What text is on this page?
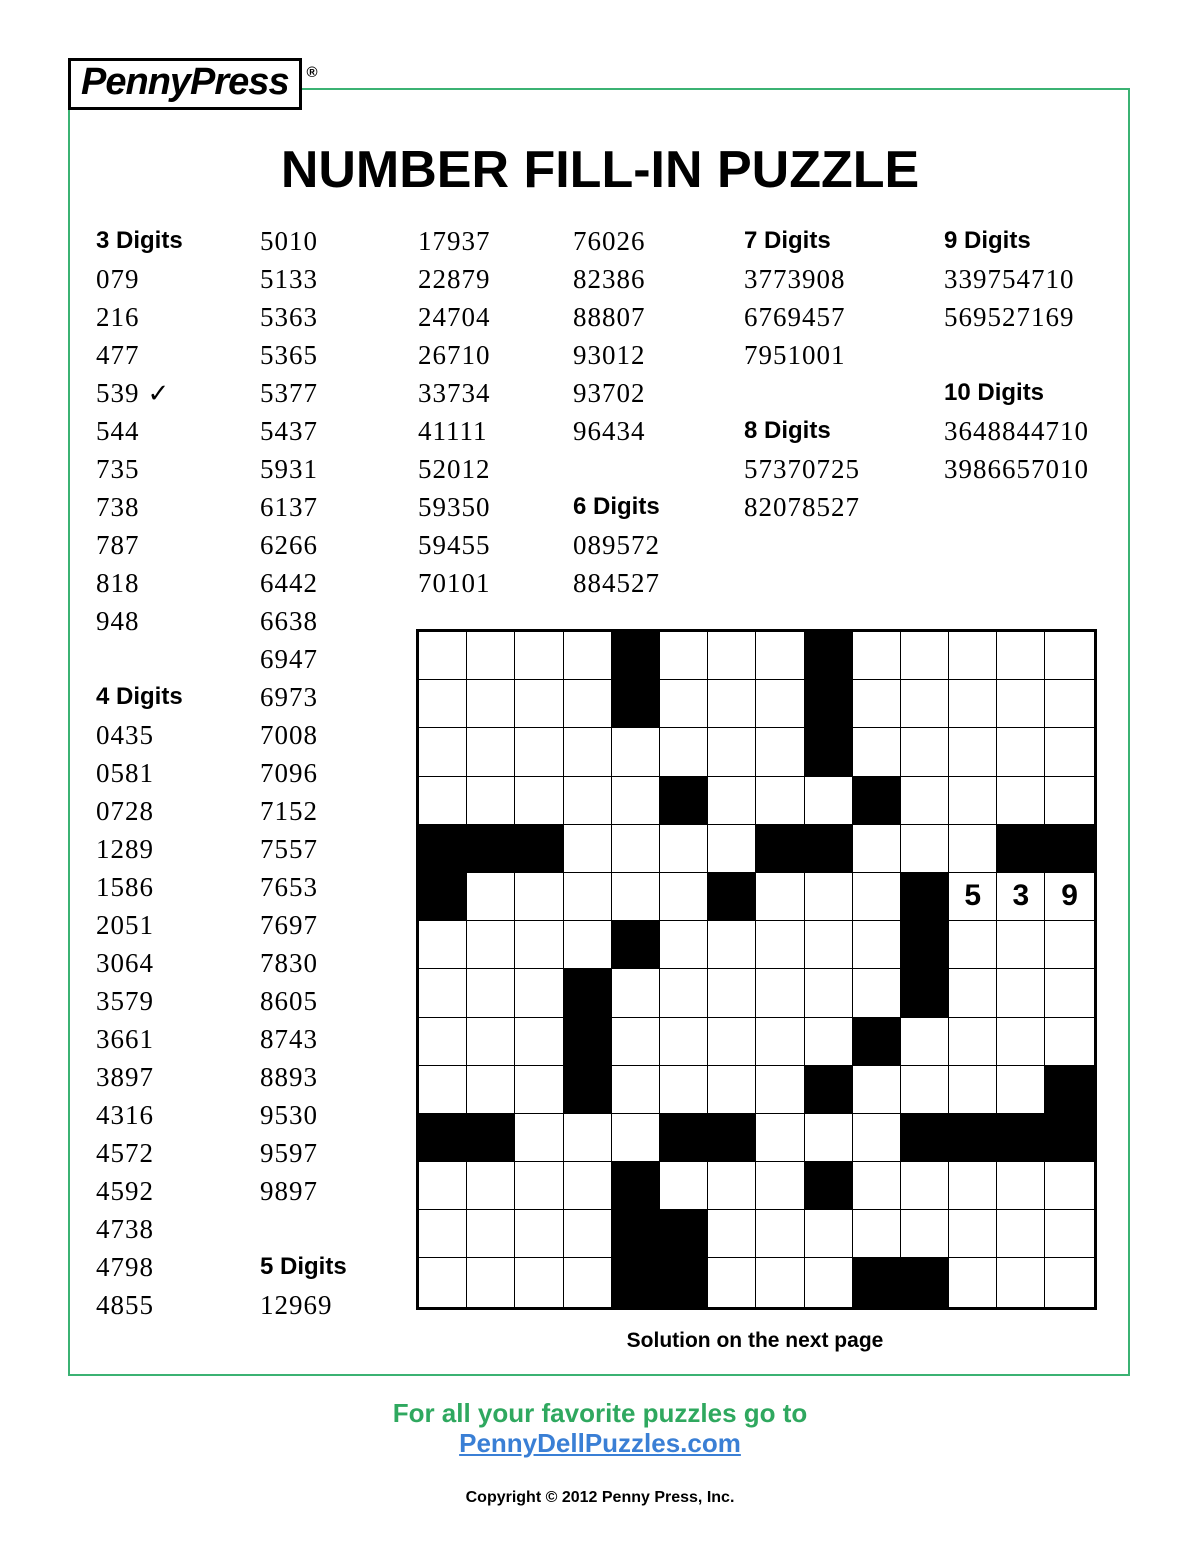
PennyPress ®
NUMBER FILL-IN PUZZLE
3 Digits
079
216
477
539 ✓
544
735
738
787
818
948
4 Digits
0435
0581
0728
1289
1586
2051
3064
3579
3661
3897
4316
4572
4592
4738
4798
4855
5010
5133
5363
5365
5377
5437
5931
6137
6266
6442
6638
6947
6973
7008
7096
7152
7557
7653
7697
7830
8605
8743
8893
9530
9597
9897
5 Digits
12969
17937
22879
24704
26710
33734
41111
52012
59350
59455
70101
76026
82386
88807
93012
93702
96434
6 Digits
089572
884527
7 Digits
3773908
6769457
7951001
8 Digits
57370725
82078527
9 Digits
339754710
569527169
10 Digits
3648844710
3986657010
5	3	9
Solution on the next page
For all your favorite puzzles go to
PennyDellPuzzles.com
Copyright © 2012 Penny Press, Inc.
